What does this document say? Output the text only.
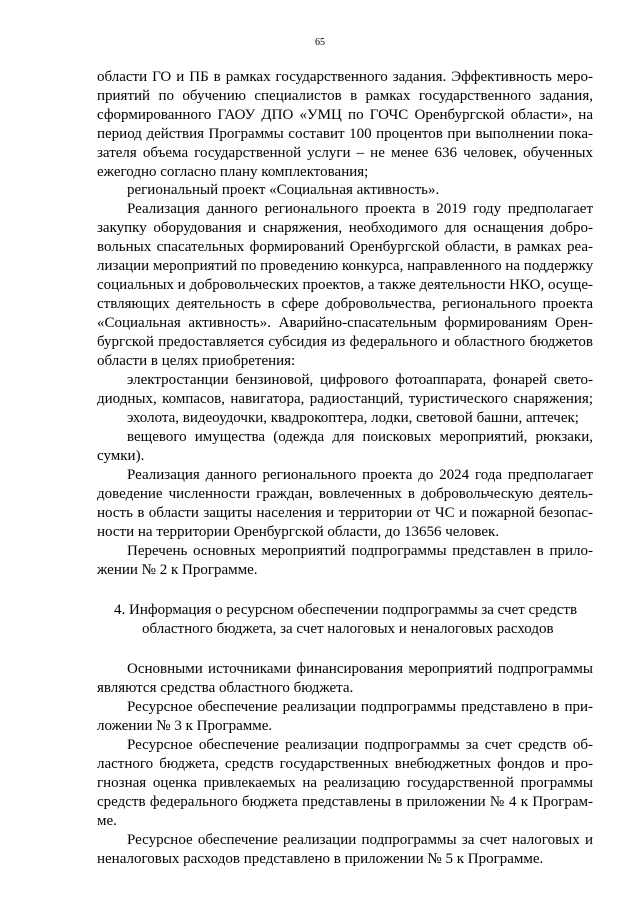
65
области ГО и ПБ в рамках государственного задания. Эффективность меро-
приятий по обучению специалистов в рамках государственного задания,
сформированного ГАОУ ДПО «УМЦ по ГОЧС Оренбургской области», на
период действия Программы составит 100 процентов при выполнении пока-
зателя объема государственной услуги – не менее 636 человек, обученных
ежегодно согласно плану комплектования;
региональный проект «Социальная активность».
Реализация данного регионального проекта в 2019 году предполагает
закупку оборудования и снаряжения, необходимого для оснащения добро-
вольных спасательных формирований Оренбургской области, в рамках реа-
лизации мероприятий по проведению конкурса, направленного на поддержку
социальных и добровольческих проектов, а также деятельности НКО, осуще-
ствляющих деятельность в сфере добровольчества, регионального проекта
«Социальная активность». Аварийно-спасательным формированиям Орен-
бургской предоставляется субсидия из федерального и областного бюджетов
области в целях приобретения:
электростанции бензиновой, цифрового фотоаппарата, фонарей свето-
диодных, компасов, навигатора, радиостанций, туристического снаряжения;
эхолота, видеоудочки, квадрокоптера, лодки, световой башни, аптечек;
вещевого имущества (одежда для поисковых мероприятий, рюкзаки,
сумки).
Реализация данного регионального проекта до 2024 года предполагает
доведение численности граждан, вовлеченных в добровольческую деятель-
ность в области защиты населения и территории от ЧС и пожарной безопас-
ности на территории Оренбургской области, до 13656 человек.
Перечень основных мероприятий подпрограммы представлен в прило-
жении № 2 к Программе.
4. Информация о ресурсном обеспечении подпрограммы за счет средств
областного бюджета, за счет налоговых и неналоговых расходов
Основными источниками финансирования мероприятий подпрограммы
являются средства областного бюджета.
Ресурсное обеспечение реализации подпрограммы представлено в при-
ложении № 3 к Программе.
Ресурсное обеспечение реализации подпрограммы за счет средств об-
ластного бюджета, средств государственных внебюджетных фондов и про-
гнозная оценка привлекаемых на реализацию государственной программы
средств федерального бюджета представлены в приложении № 4 к Програм-
ме.
Ресурсное обеспечение реализации подпрограммы за счет налоговых и
неналоговых расходов представлено в приложении № 5 к Программе.
